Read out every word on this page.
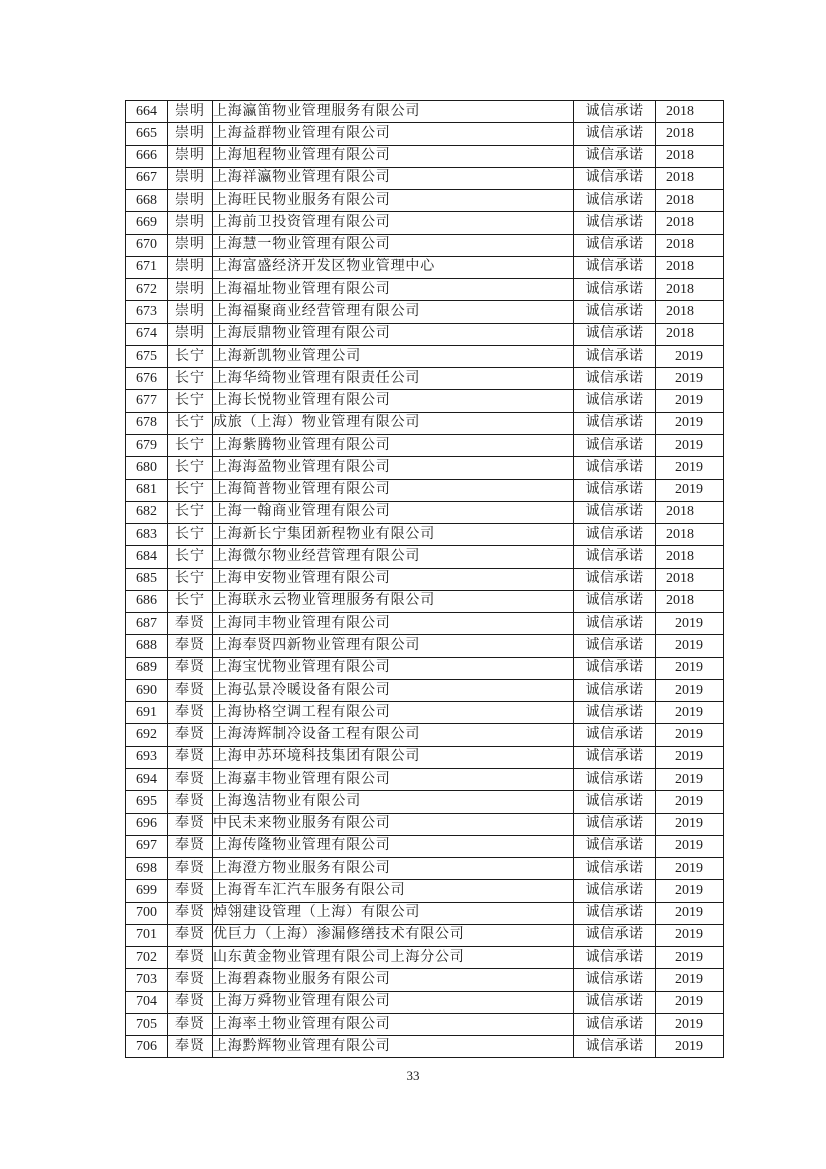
664	崇明	上海瀛笛物业管理服务有限公司	诚信承诺	2018
665	崇明	上海益群物业管理有限公司	诚信承诺	2018
666	崇明	上海旭程物业管理有限公司	诚信承诺	2018
667	崇明	上海祥瀛物业管理有限公司	诚信承诺	2018
668	崇明	上海旺民物业服务有限公司	诚信承诺	2018
669	崇明	上海前卫投资管理有限公司	诚信承诺	2018
670	崇明	上海慧一物业管理有限公司	诚信承诺	2018
671	崇明	上海富盛经济开发区物业管理中心	诚信承诺	2018
672	崇明	上海福址物业管理有限公司	诚信承诺	2018
673	崇明	上海福聚商业经营管理有限公司	诚信承诺	2018
674	崇明	上海辰鼎物业管理有限公司	诚信承诺	2018
675	长宁	上海新凯物业管理公司	诚信承诺	2019
676	长宁	上海华绮物业管理有限责任公司	诚信承诺	2019
677	长宁	上海长悦物业管理有限公司	诚信承诺	2019
678	长宁	成旅（上海）物业管理有限公司	诚信承诺	2019
679	长宁	上海紫腾物业管理有限公司	诚信承诺	2019
680	长宁	上海海盈物业管理有限公司	诚信承诺	2019
681	长宁	上海简普物业管理有限公司	诚信承诺	2019
682	长宁	上海一翰商业管理有限公司	诚信承诺	2018
683	长宁	上海新长宁集团新程物业有限公司	诚信承诺	2018
684	长宁	上海微尔物业经营管理有限公司	诚信承诺	2018
685	长宁	上海申安物业管理有限公司	诚信承诺	2018
686	长宁	上海联永云物业管理服务有限公司	诚信承诺	2018
687	奉贤	上海同丰物业管理有限公司	诚信承诺	2019
688	奉贤	上海奉贤四新物业管理有限公司	诚信承诺	2019
689	奉贤	上海宝忧物业管理有限公司	诚信承诺	2019
690	奉贤	上海弘景冷暖设备有限公司	诚信承诺	2019
691	奉贤	上海协格空调工程有限公司	诚信承诺	2019
692	奉贤	上海涛辉制冷设备工程有限公司	诚信承诺	2019
693	奉贤	上海申苏环境科技集团有限公司	诚信承诺	2019
694	奉贤	上海嘉丰物业管理有限公司	诚信承诺	2019
695	奉贤	上海逸洁物业有限公司	诚信承诺	2019
696	奉贤	中民未来物业服务有限公司	诚信承诺	2019
697	奉贤	上海传隆物业管理有限公司	诚信承诺	2019
698	奉贤	上海澄方物业服务有限公司	诚信承诺	2019
699	奉贤	上海胥车汇汽车服务有限公司	诚信承诺	2019
700	奉贤	焯翎建设管理（上海）有限公司	诚信承诺	2019
701	奉贤	优巨力（上海）渗漏修缮技术有限公司	诚信承诺	2019
702	奉贤	山东黄金物业管理有限公司上海分公司	诚信承诺	2019
703	奉贤	上海碧森物业服务有限公司	诚信承诺	2019
704	奉贤	上海万舜物业管理有限公司	诚信承诺	2019
705	奉贤	上海率土物业管理有限公司	诚信承诺	2019
706	奉贤	上海黔辉物业管理有限公司	诚信承诺	2019
33
